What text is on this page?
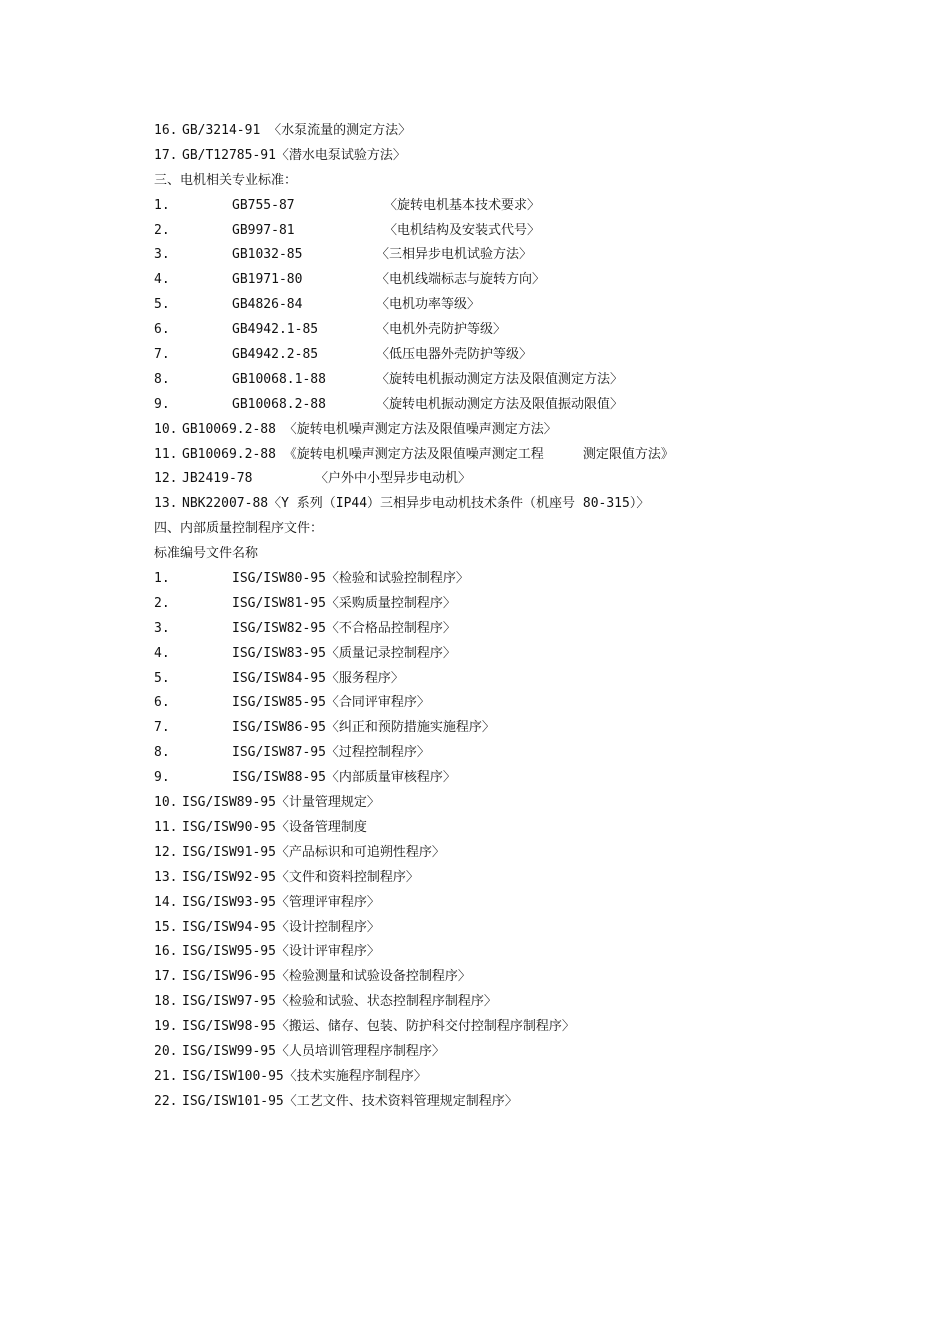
16. GB/3214-91 〈水泵流量的测定方法〉
17. GB/T12785-91〈潜水电泵试验方法〉
三、电机相关专业标准：
1.	GB755-87	〈旋转电机基本技术要求〉
2.	GB997-81	〈电机结构及安装式代号〉
3.	GB1032-85	〈三相异步电机试验方法〉
4.	GB1971-80	〈电机线端标志与旋转方向〉
5.	GB4826-84	〈电机功率等级〉
6.	GB4942.1-85	〈电机外壳防护等级〉
7.	GB4942.2-85	〈低压电器外壳防护等级〉
8.	GB10068.1-88	〈旋转电机振动测定方法及限值测定方法〉
9.	GB10068.2-88	〈旋转电机振动测定方法及限值振动限值〉
10. GB10069.2-88 〈旋转电机噪声测定方法及限值噪声测定方法〉
11. GB10069.2-88 《旋转电机噪声测定方法及限值噪声测定工程     测定限值方法》
12. JB2419-78        〈户外中小型异步电动机〉
13. NBK22007-88〈Y 系列（IP44）三相异步电动机技术条件（机座号 80-315）〉
四、内部质量控制程序文件：
标准编号文件名称
1.	ISG/ISW80-95〈检验和试验控制程序〉
2.	ISG/ISW81-95〈采购质量控制程序〉
3.	ISG/ISW82-95〈不合格品控制程序〉
4.	ISG/ISW83-95〈质量记录控制程序〉
5.	ISG/ISW84-95〈服务程序〉
6.	ISG/ISW85-95〈合同评审程序〉
7.	ISG/ISW86-95〈纠正和预防措施实施程序〉
8.	ISG/ISW87-95〈过程控制程序〉
9.	ISG/ISW88-95〈内部质量审核程序〉
10. ISG/ISW89-95〈计量管理规定〉
11. ISG/ISW90-95〈设备管理制度
12. ISG/ISW91-95〈产品标识和可追朔性程序〉
13. ISG/ISW92-95〈文件和资料控制程序〉
14. ISG/ISW93-95〈管理评审程序〉
15. ISG/ISW94-95〈设计控制程序〉
16. ISG/ISW95-95〈设计评审程序〉
17. ISG/ISW96-95〈检验测量和试验设备控制程序〉
18. ISG/ISW97-95〈检验和试验、状态控制程序制程序〉
19. ISG/ISW98-95〈搬运、储存、包装、防护科交付控制程序制程序〉
20. ISG/ISW99-95〈人员培训管理程序制程序〉
21. ISG/ISW100-95〈技术实施程序制程序〉
22. ISG/ISW101-95〈工艺文件、技术资料管理规定制程序〉
